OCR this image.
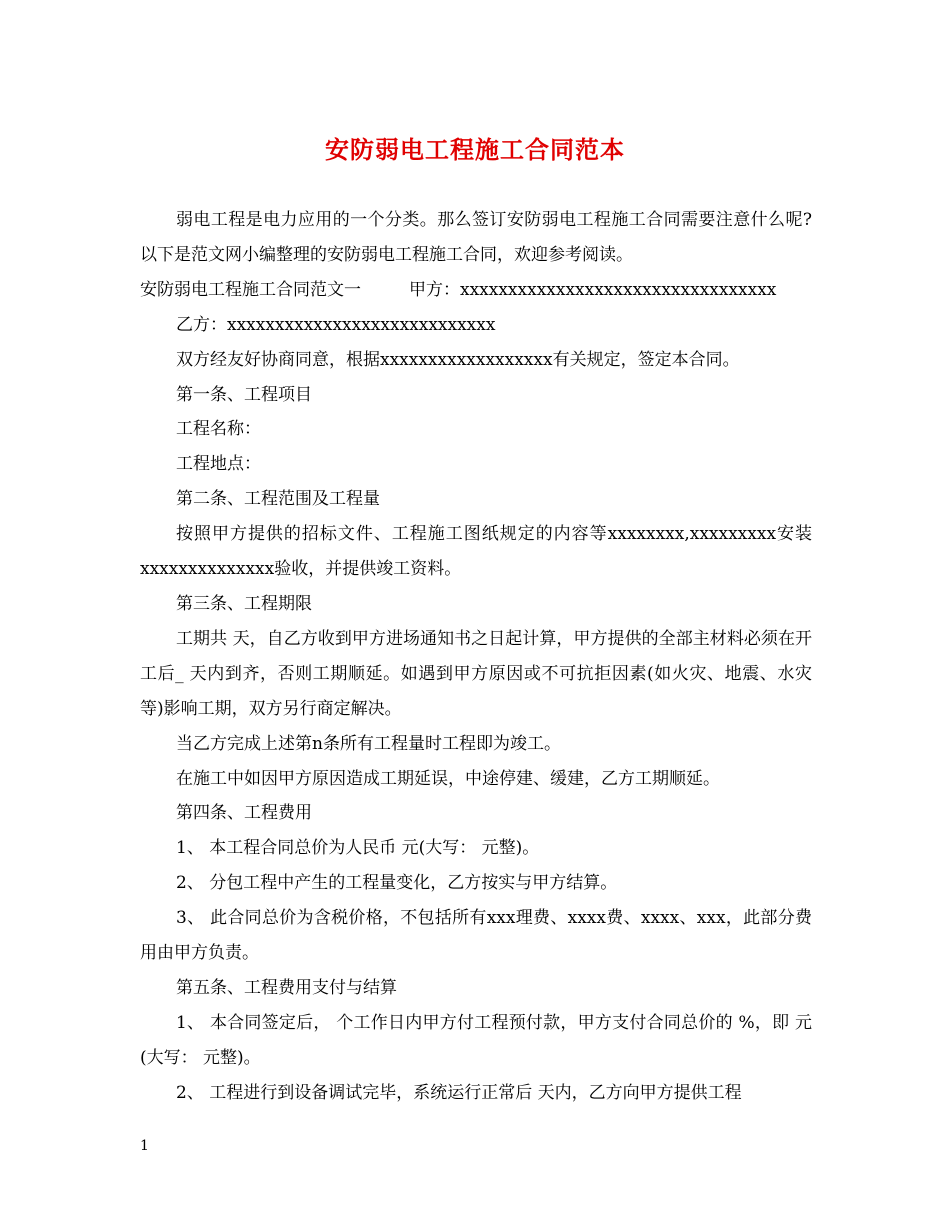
安防弱电工程施工合同范本

弱电工程是电力应用的一个分类。那么签订安防弱电工程施工合同需要注意什么呢?以下是范文网小编整理的安防弱电工程施工合同，欢迎参考阅读。

安防弱电工程施工合同范文一	甲方：xxxxxxxxxxxxxxxxxxxxxxxxxxxxxxxxx

乙方：xxxxxxxxxxxxxxxxxxxxxxxxxxxx

双方经友好协商同意，根据xxxxxxxxxxxxxxxxxx有关规定，签定本合同。

第一条、工程项目

工程名称：

工程地点：

第二条、工程范围及工程量

按照甲方提供的招标文件、工程施工图纸规定的内容等xxxxxxxx,xxxxxxxxx安装xxxxxxxxxxxxxx验收，并提供竣工资料。

第三条、工程期限

工期共 天，自乙方收到甲方进场通知书之日起计算，甲方提供的全部主材料必须在开工后_ 天内到齐，否则工期顺延。如遇到甲方原因或不可抗拒因素(如火灾、地震、水灾等)影响工期，双方另行商定解决。

当乙方完成上述第n条所有工程量时工程即为竣工。

在施工中如因甲方原因造成工期延误，中途停建、缓建，乙方工期顺延。

第四条、工程费用

1、 本工程合同总价为人民币 元(大写： 元整)。

2、 分包工程中产生的工程量变化，乙方按实与甲方结算。

3、 此合同总价为含税价格，不包括所有xxx理费、xxxx费、xxxx、xxx，此部分费用由甲方负责。

第五条、工程费用支付与结算

1、 本合同签定后， 个工作日内甲方付工程预付款，甲方支付合同总价的 %，即 元(大写： 元整)。

2、 工程进行到设备调试完毕，系统运行正常后 天内，乙方向甲方提供工程

1
